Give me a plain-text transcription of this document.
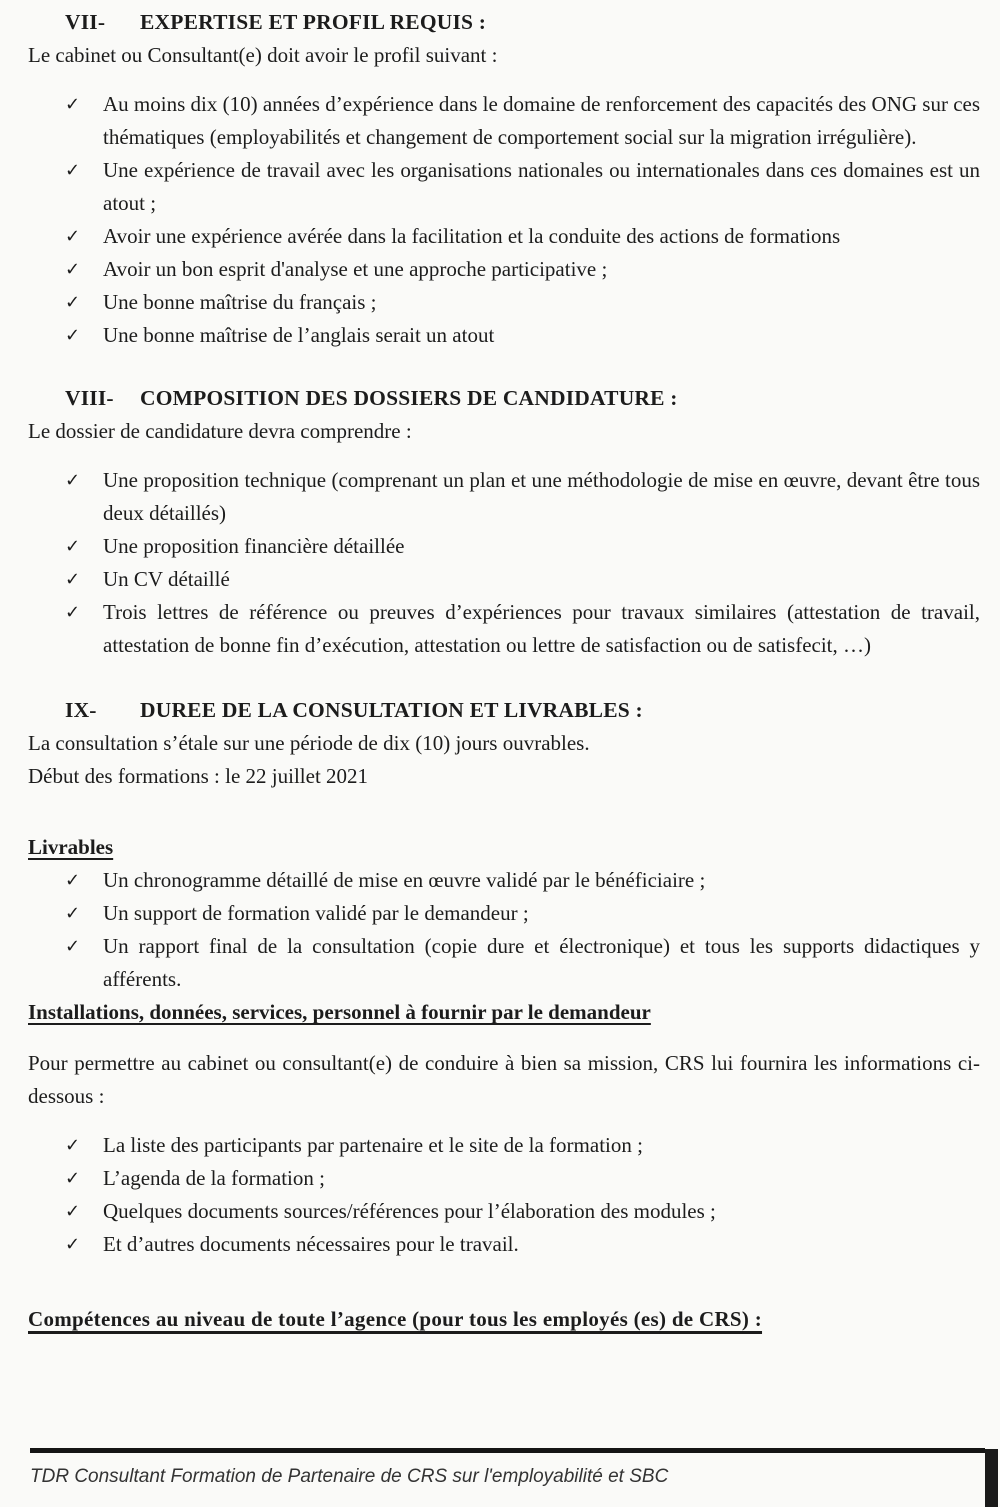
VII-	EXPERTISE ET PROFIL REQUIS :

Le cabinet ou Consultant(e) doit avoir le profil suivant :

✓	Au moins dix (10) années d’expérience dans le domaine de renforcement des capacités des ONG sur ces thématiques (employabilités et changement de comportement social sur la migration irrégulière).
✓	Une expérience de travail avec les organisations nationales ou internationales dans ces domaines est un atout ;
✓	Avoir une expérience avérée dans la facilitation et la conduite des actions de formations
✓	Avoir un bon esprit d'analyse et une approche participative ;
✓	Une bonne maîtrise du français ;
✓	Une bonne maîtrise de l’anglais serait un atout
VIII-	COMPOSITION DES DOSSIERS DE CANDIDATURE :

Le dossier de candidature devra comprendre :

✓	Une proposition technique (comprenant un plan et une méthodologie de mise en œuvre, devant être tous deux détaillés)
✓	Une proposition financière détaillée
✓	Un CV détaillé
✓	Trois lettres de référence ou preuves d’expériences pour travaux similaires (attestation de travail, attestation de bonne fin d’exécution, attestation ou lettre de satisfaction ou de satisfecit, …)
IX-	DUREE DE LA CONSULTATION ET LIVRABLES :

La consultation s’étale sur une période de dix (10) jours ouvrables.

Début des formations : le 22 juillet 2021

Livrables

✓	Un chronogramme détaillé de mise en œuvre validé par le bénéficiaire ;
✓	Un support de formation validé par le demandeur ;
✓	Un rapport final de la consultation (copie dure et électronique) et tous les supports didactiques y afférents.

Installations, données, services, personnel à fournir par le demandeur

Pour permettre au cabinet ou consultant(e) de conduire à bien sa mission, CRS lui fournira les informations ci-dessous :

✓	La liste des participants par partenaire et le site de la formation ;
✓	L’agenda de la formation ;
✓	Quelques documents sources/références pour l’élaboration des modules ;
✓	Et d’autres documents nécessaires pour le travail.

Compétences au niveau de toute l’agence (pour tous les employés (es) de CRS) :

TDR Consultant Formation de Partenaire de CRS sur l'employabilité et SBC
